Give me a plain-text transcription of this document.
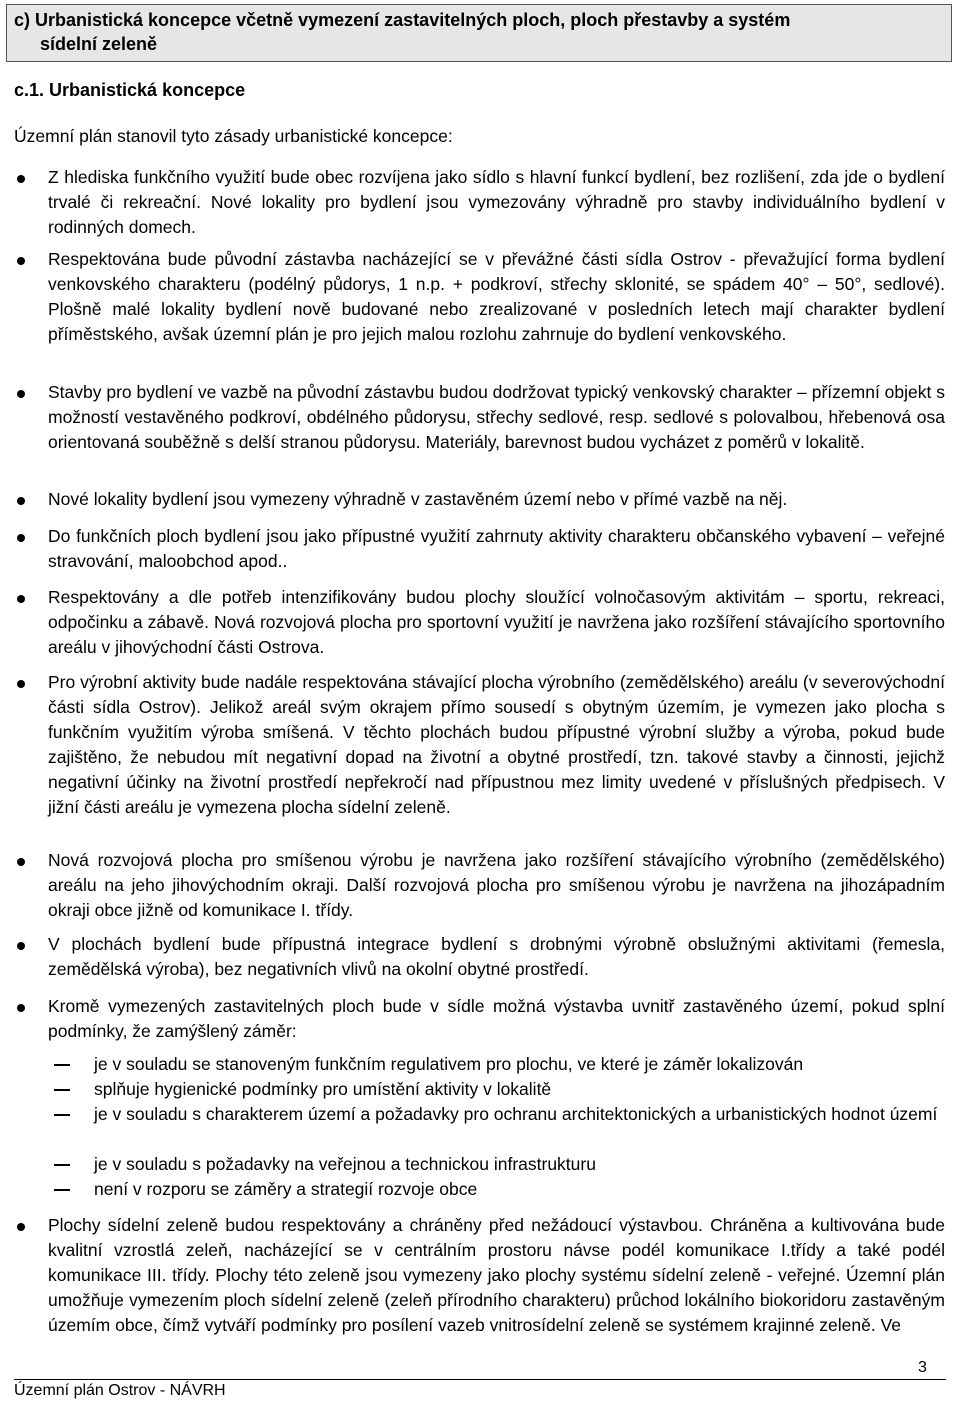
c) Urbanistická koncepce včetně vymezení zastavitelných ploch, ploch přestavby a systém
sídelní zeleně
c.1. Urbanistická koncepce
Územní plán stanovil tyto zásady urbanistické koncepce:
Z hlediska funkčního využití bude obec rozvíjena jako sídlo s hlavní funkcí bydlení, bez rozlišení, zda jde o bydlení trvalé či rekreační. Nové lokality pro bydlení jsou vymezovány výhradně pro stavby individuálního bydlení v rodinných domech.
Respektována bude původní zástavba nacházející se v převážné části sídla Ostrov - převažující forma bydlení venkovského charakteru (podélný půdorys, 1 n.p. + podkroví, střechy sklonité, se spádem 40° – 50°, sedlové). Plošně malé lokality bydlení nově budované nebo zrealizované v posledních letech mají charakter bydlení příměstského, avšak územní plán je pro jejich malou rozlohu zahrnuje do bydlení venkovského.
Stavby pro bydlení ve vazbě na původní zástavbu budou dodržovat typický venkovský charakter – přízemní objekt s možností vestavěného podkroví, obdélného půdorysu, střechy sedlové, resp. sedlové s polovalbou, hřebenová osa orientovaná souběžně s delší stranou půdorysu. Materiály, barevnost budou vycházet z poměrů v lokalitě.
Nové lokality bydlení jsou vymezeny výhradně v zastavěném území nebo v přímé vazbě na něj.
Do funkčních ploch bydlení jsou jako přípustné využití zahrnuty aktivity charakteru občanského vybavení – veřejné stravování, maloobchod apod..
Respektovány a dle potřeb intenzifikovány budou plochy sloužící volnočasovým aktivitám – sportu, rekreaci, odpočinku a zábavě. Nová rozvojová plocha pro sportovní využití je navržena jako rozšíření stávajícího sportovního areálu v jihovýchodní části Ostrova.
Pro výrobní aktivity bude nadále respektována stávající plocha výrobního (zemědělského) areálu (v severovýchodní části sídla Ostrov). Jelikož areál svým okrajem přímo sousedí s obytným územím, je vymezen jako plocha s funkčním využitím výroba smíšená. V těchto plochách budou přípustné výrobní služby a výroba, pokud bude zajištěno, že nebudou mít negativní dopad na životní a obytné prostředí, tzn. takové stavby a činnosti, jejichž negativní účinky na životní prostředí nepřekročí nad přípustnou mez limity uvedené v příslušných předpisech. V jižní části areálu je vymezena plocha sídelní zeleně.
Nová rozvojová plocha pro smíšenou výrobu je navržena jako rozšíření stávajícího výrobního (zemědělského) areálu na jeho jihovýchodním okraji. Další rozvojová plocha pro smíšenou výrobu je navržena na jihozápadním okraji obce jižně od komunikace I. třídy.
V plochách bydlení bude přípustná integrace bydlení s drobnými výrobně obslužnými aktivitami (řemesla, zemědělská výroba), bez negativních vlivů na okolní obytné prostředí.
Kromě vymezených zastavitelných ploch bude v sídle možná výstavba uvnitř zastavěného území, pokud splní podmínky, že zamýšlený záměr:
je v souladu se stanoveným funkčním regulativem pro plochu, ve které je záměr lokalizován
splňuje hygienické podmínky pro umístění aktivity v lokalitě
je v souladu s charakterem území a požadavky pro ochranu architektonických a urbanistických hodnot území
je v souladu s požadavky na veřejnou a technickou infrastrukturu
není v rozporu se záměry a strategií rozvoje obce
Plochy sídelní zeleně budou respektovány a chráněny před nežádoucí výstavbou. Chráněna a kultivována bude kvalitní vzrostlá zeleň, nacházející se v centrálním prostoru návse podél komunikace I.třídy a také podél komunikace III. třídy. Plochy této zeleně jsou vymezeny jako plochy systému sídelní zeleně - veřejné. Územní plán umožňuje vymezením ploch sídelní zeleně (zeleň přírodního charakteru) průchod lokálního biokoridoru zastavěným územím obce, čímž vytváří podmínky pro posílení vazeb vnitrosídelní zeleně se systémem krajinné zeleně. Ve
3
Územní plán Ostrov - NÁVRH
